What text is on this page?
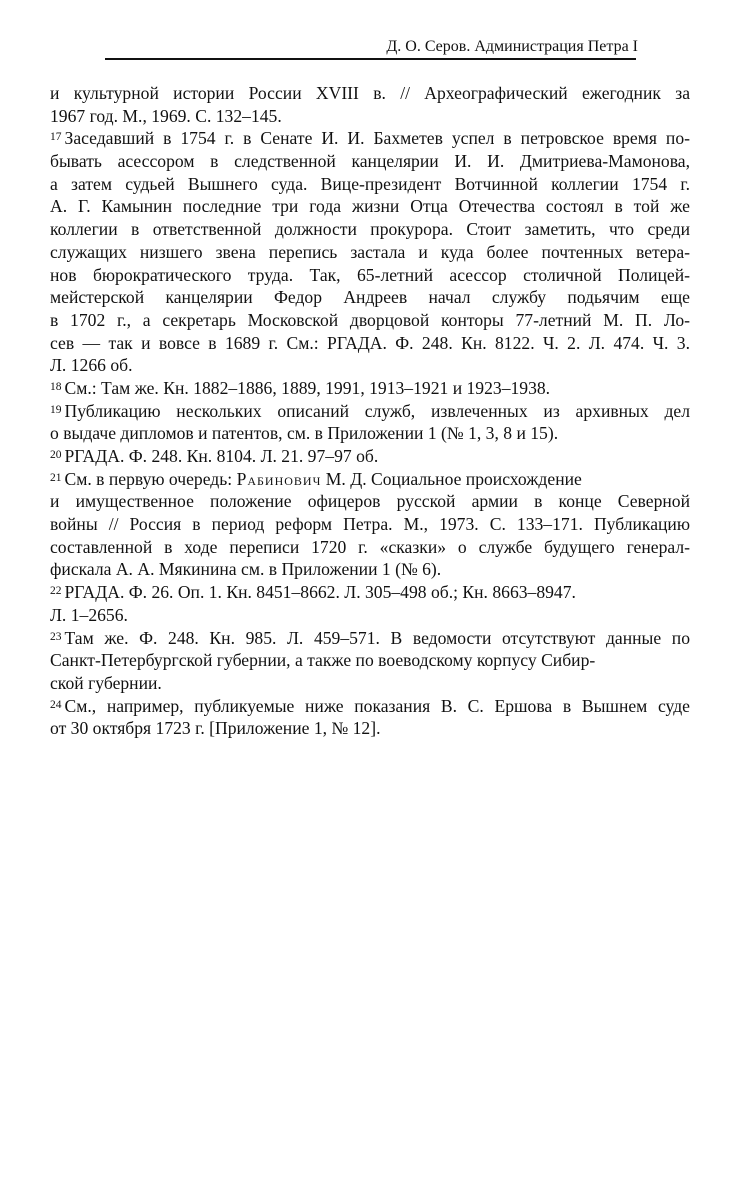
Д. О. Серов. Администрация Петра I
и культурной истории России XVIII в. // Археографический ежегодник за
1967 год. М., 1969. С. 132–145.
$^{17}$ Заседавший в 1754 г. в Сенате И. И. Бахметев успел в петровское время по-
бывать асессором в следственной канцелярии И. И. Дмитриева-Мамонова,
а затем судьей Вышнего суда. Вице-президент Вотчинной коллегии 1754 г.
А. Г. Камынин последние три года жизни Отца Отечества состоял в той же
коллегии в ответственной должности прокурора. Стоит заметить, что среди
служащих низшего звена перепись застала и куда более почтенных ветера-
нов бюрократического труда. Так, 65-летний асессор столичной Полицей-
мейстерской канцелярии Федор Андреев начал службу подьячим еще
в 1702 г., а секретарь Московской дворцовой конторы 77-летний М. П. Ло-
сев — так и вовсе в 1689 г. См.: РГАДА. Ф. 248. Кн. 8122. Ч. 2. Л. 474. Ч. 3.
Л. 1266 об.
$^{18}$ См.: Там же. Кн. 1882–1886, 1889, 1991, 1913–1921 и 1923–1938.
$^{19}$ Публикацию нескольких описаний служб, извлеченных из архивных дел
о выдаче дипломов и патентов, см. в Приложении 1 (№ 1, 3, 8 и 15).
$^{20}$ РГАДА. Ф. 248. Кн. 8104. Л. 21. 97–97 об.
$^{21}$ См. в первую очередь: Рабинович М. Д. Социальное происхождение
и имущественное положение офицеров русской армии в конце Северной
войны // Россия в период реформ Петра. М., 1973. С. 133–171. Публикацию
составленной в ходе переписи 1720 г. «сказки» о службе будущего генерал-
фискала А. А. Мякинина см. в Приложении 1 (№ 6).
$^{22}$ РГАДА. Ф. 26. Оп. 1. Кн. 8451–8662. Л. 305–498 об.; Кн. 8663–8947.
Л. 1–2656.
$^{23}$ Там же. Ф. 248. Кн. 985. Л. 459–571. В ведомости отсутствуют данные по
Санкт-Петербургской губернии, а также по воеводскому корпусу Сибир-
ской губернии.
$^{24}$ См., например, публикуемые ниже показания В. С. Ершова в Вышнем суде
от 30 октября 1723 г. [Приложение 1, № 12].
